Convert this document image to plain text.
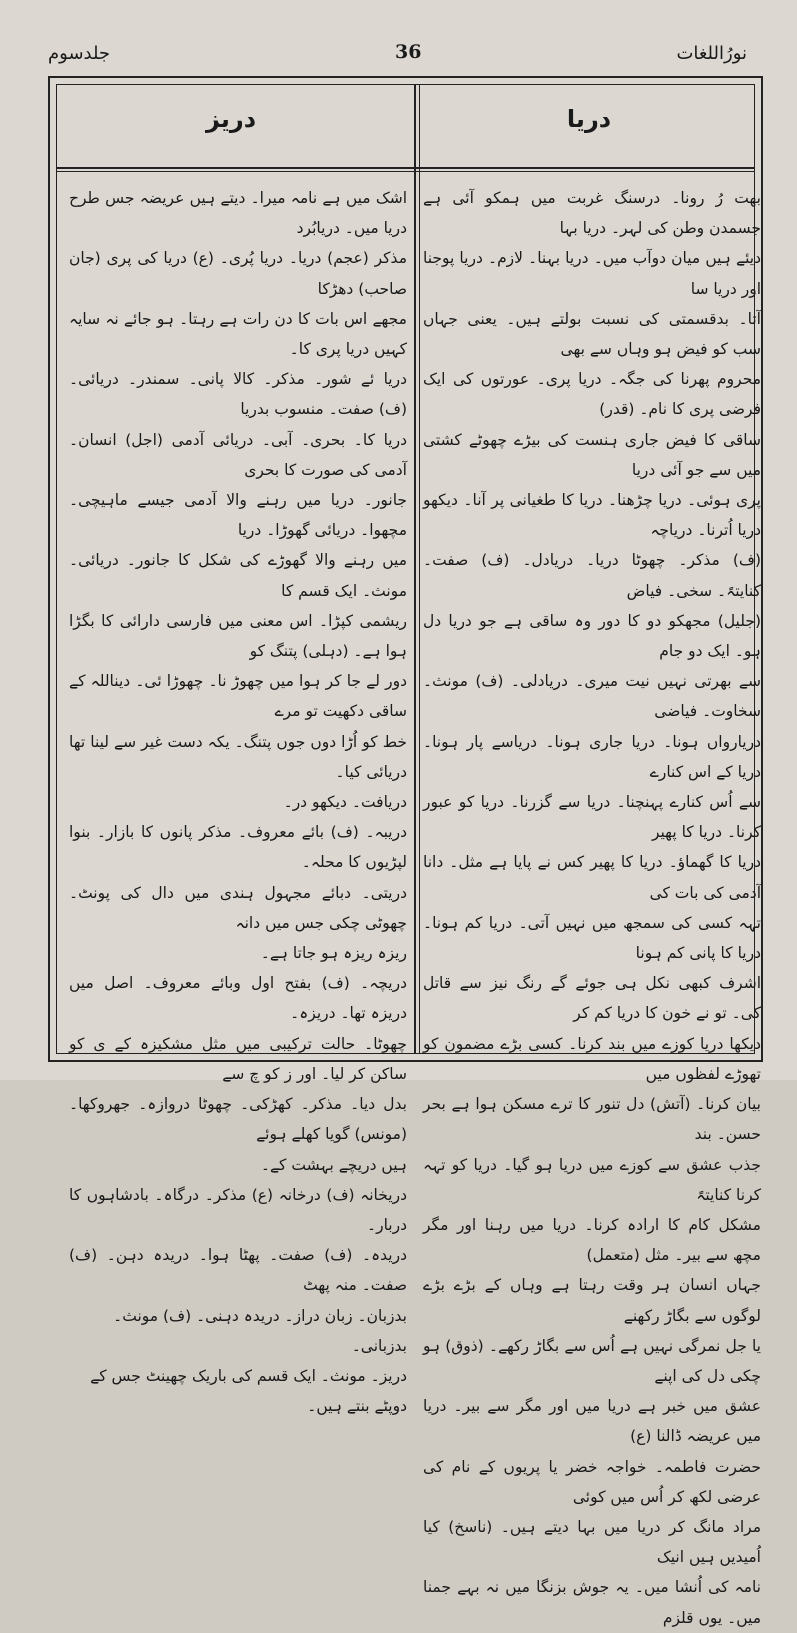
نورُاللغات
36
جلدسوم
دریا
دریز

بھت رُ رونا۔ درسنگ غربت میں ہمکو آئی ہے جسمدن وطن کی لہر۔ دریا بہا

دیئے ہیں میان دوآب میں۔ دریا بہنا۔ لازم۔ دریا پوجنا اور دریا سا

آتا۔ بدقسمتی کی نسبت بولتے ہیں۔ یعنی جہاں سب کو فیض ہو وہاں سے بھی

محروم پھرنا کی جگہ۔ دریا پری۔ عورتوں کی ایک فرضی پری کا نام۔ (قدر)

ساقی کا فیض جاری ہنست کی بیڑے چھوٹے کشتی میں سے جو آئی دریا

پری ہوئی۔ دریا چڑھنا۔ دریا کا طغیانی پر آنا۔ دیکھو دریا اُترنا۔ دریاچہ

(ف) مذکر۔ چھوٹا دریا۔ دریادل۔ (ف) صفت۔ کنایتہً۔ سخی۔ فیاض

(جلیل) مجھکو دو کا دور وہ ساقی ہے جو دریا دل ہو۔ ایک دو جام

سے بھرتی نہیں نیت میری۔ دریادلی۔ (ف) مونث۔ سخاوت۔ فیاضی

دریارواں ہونا۔ دریا جاری ہونا۔ دریاسے پار ہونا۔ دریا کے اس کنارے

سے اُس کنارے پہنچنا۔ دریا سے گزرنا۔ دریا کو عبور کرنا۔ دریا کا پھیر

دریا کا گھماؤ۔ دریا کا پھیر کس نے پایا ہے مثل۔ دانا آدمی کی بات کی

تہہ کسی کی سمجھ میں نہیں آتی۔ دریا کم ہونا۔ دریا کا پانی کم ہونا

اشرف کبھی نکل ہی جوئے گے رنگ نیز سے قاتل کی۔ تو نے خون کا دریا کم کر

دیکھا دریا کوزے میں بند کرنا۔ کسی بڑے مضمون کو تھوڑے لفظوں میں

بیان کرنا۔ (آتش) دل تنور کا ترے مسکن ہوا ہے بحر حسن۔ بند

جذب عشق سے کوزے میں دریا ہو گیا۔ دریا کو تہہ کرنا کنایتہً

مشکل کام کا ارادہ کرنا۔ دریا میں رہنا اور مگر مچھ سے بیر۔ مثل (متعمل)

جہاں انسان ہر وقت رہتا ہے وہاں کے بڑے بڑے لوگوں سے بگاڑ رکھنے

یا جل نمرگی نہیں ہے اُس سے بگاڑ رکھے۔ (ذوق) ہو چکی دل کی اپنے

عشق میں خبر ہے دریا میں اور مگر سے بیر۔ دریا میں عریضہ ڈالنا (ع)

حضرت فاطمہ۔ خواجہ خضر یا پریوں کے نام کی عرضی لکھ کر اُس میں کوئی

مراد مانگ کر دریا میں بہا دیتے ہیں۔ (ناسخ) کیا اُمیدیں ہیں انیک

نامہ کی اُنشا میں۔ یہ جوش بزنگا میں نہ بہے جمنا میں۔ یوں قلزم

اشک میں ہے نامہ میرا۔ دیتے ہیں عریضہ جس طرح دریا میں۔ دریابُرد

مذکر (عجم) دریا۔ دریا پُری۔ (ع) دریا کی پری (جان صاحب) دھڑکا

مجھے اس بات کا دن رات ہے رہتا۔ ہو جائے نہ سایہ کہیں دریا پری کا۔

دریا ئے شور۔ مذکر۔ کالا پانی۔ سمندر۔ دریائی۔ (ف) صفت۔ منسوب بدریا

دریا کا۔ بحری۔ آبی۔ دریائی آدمی (اجل) انسان۔ آدمی کی صورت کا بحری

جانور۔ دریا میں رہنے والا آدمی جیسے ماہیچی۔ مچھوا۔ دریائی گھوڑا۔ دریا

میں رہنے والا گھوڑے کی شکل کا جانور۔ دریائی۔ مونث۔ ایک قسم کا

ریشمی کپڑا۔ اس معنی میں فارسی دارائی کا بگڑا ہوا ہے۔ (دہلی) پتنگ کو

دور لے جا کر ہوا میں چھوڑ نا۔ چھوڑا ئی۔ دیناللہ کے ساقی دکھیت تو مرے

خط کو اُڑا دوں جوں پتنگ۔ یکہ دست غیر سے لینا تھا دریائی کیا۔

دریافت۔ دیکھو در۔

دریبہ۔ (ف) بائے معروف۔ مذکر پانوں کا بازار۔ بنوا لپڑیوں کا محلہ۔

دریتی۔ دبائے مجہول ہندی میں دال کی پونٹ۔ چھوٹی چکی جس میں دانہ

ریزہ ریزہ ہو جاتا ہے۔

دریچہ۔ (ف) بفتح اول وبائے معروف۔ اصل میں دریزہ تھا۔ دریزہ۔

چھوٹا۔ حالت ترکیبی میں مثل مشکیزہ کے ی کو ساکن کر لیا۔ اور ز کو چ سے

بدل دیا۔ مذکر۔ کھڑکی۔ چھوٹا دروازہ۔ جھروکھا۔ (مونس) گویا کھلے ہوئے

ہیں دریچے بہشت کے۔

دریخانہ (ف) درخانہ (ع) مذکر۔ درگاہ۔ بادشاہوں کا دربار۔

دریدہ۔ (ف) صفت۔ پھٹا ہوا۔ دریدہ دہن۔ (ف) صفت۔ منہ پھٹ

بدزبان۔ زبان دراز۔ دریدہ دہنی۔ (ف) مونث۔

بدزبانی۔

دریز۔ مونث۔ ایک قسم کی باریک چھینٹ جس کے

دوپٹے بنتے ہیں۔
